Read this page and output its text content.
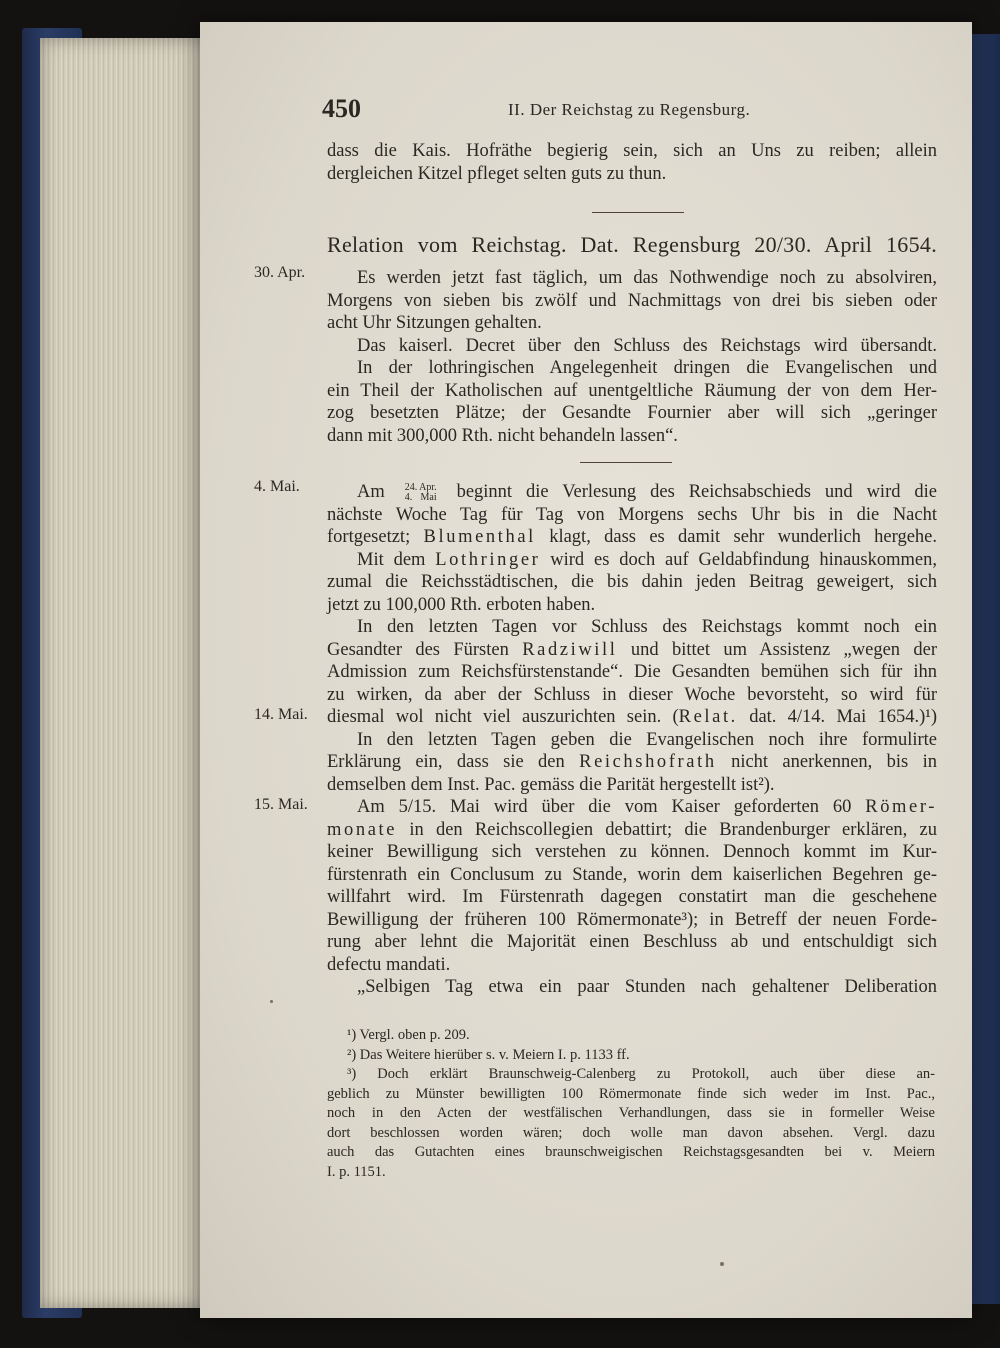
450	II. Der Reichstag zu Regensburg.
dass die Kais. Hofräthe begierig sein, sich an Uns zu reiben; allein
dergleichen Kitzel pfleget selten guts zu thun.
Relation vom Reichstag. Dat. Regensburg 20/30. April 1654.
30. Apr.	Es werden jetzt fast täglich, um das Nothwendige noch zu absolviren,
Morgens von sieben bis zwölf und Nachmittags von drei bis sieben oder
acht Uhr Sitzungen gehalten.
Das kaiserl. Decret über den Schluss des Reichstags wird übersandt.
In der lothringischen Angelegenheit dringen die Evangelischen und
ein Theil der Katholischen auf unentgeltliche Räumung der von dem Her-
zog besetzten Plätze; der Gesandte Fournier aber will sich „geringer
dann mit 300,000 Rth. nicht behandeln lassen“.
4. Mai.
14. Mai.
15. Mai.
Am 24. Apr.
4. Mai beginnt die Verlesung des Reichsabschieds und wird die
nächste Woche Tag für Tag von Morgens sechs Uhr bis in die Nacht
fortgesetzt; Blumenthal klagt, dass es damit sehr wunderlich hergehe.
Mit dem Lothringer wird es doch auf Geldabfindung hinauskommen,
zumal die Reichsstädtischen, die bis dahin jeden Beitrag geweigert, sich
jetzt zu 100,000 Rth. erboten haben.
In den letzten Tagen vor Schluss des Reichstags kommt noch ein
Gesandter des Fürsten Radziwill und bittet um Assistenz „wegen der
Admission zum Reichsfürstenstande“. Die Gesandten bemühen sich für ihn
zu wirken, da aber der Schluss in dieser Woche bevorsteht, so wird für
diesmal wol nicht viel auszurichten sein. (Relat. dat. 4/14. Mai 1654.)¹)
In den letzten Tagen geben die Evangelischen noch ihre formulirte
Erklärung ein, dass sie den Reichshofrath nicht anerkennen, bis in
demselben dem Inst. Pac. gemäss die Parität hergestellt ist²).
Am 5/15. Mai wird über die vom Kaiser geforderten 60 Römer-
monate in den Reichscollegien debattirt; die Brandenburger erklären, zu
keiner Bewilligung sich verstehen zu können. Dennoch kommt im Kur-
fürstenrath ein Conclusum zu Stande, worin dem kaiserlichen Begehren ge-
willfahrt wird. Im Fürstenrath dagegen constatirt man die geschehene
Bewilligung der früheren 100 Römermonate³); in Betreff der neuen Forde-
rung aber lehnt die Majorität einen Beschluss ab und entschuldigt sich
defectu mandati.
„Selbigen Tag etwa ein paar Stunden nach gehaltener Deliberation
¹) Vergl. oben p. 209.
²) Das Weitere hierüber s. v. Meiern I. p. 1133 ff.
³) Doch erklärt Braunschweig-Calenberg zu Protokoll, auch über diese an-
geblich zu Münster bewilligten 100 Römermonate finde sich weder im Inst. Pac.,
noch in den Acten der westfälischen Verhandlungen, dass sie in formeller Weise
dort beschlossen worden wären; doch wolle man davon absehen. Vergl. dazu
auch das Gutachten eines braunschweigischen Reichstagsgesandten bei v. Meiern
I. p. 1151.
